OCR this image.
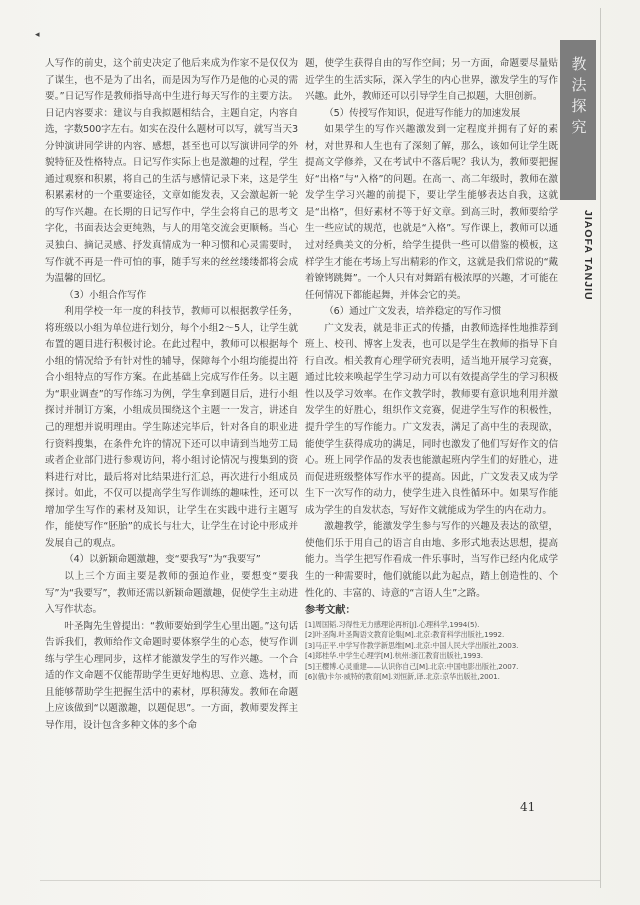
◂

人写作的前史，这个前史决定了他后来成为作家不是仅仅为了谋生，也不是为了出名，而是因为写作乃是他的心灵的需要。”日记写作是教师指导高中生进行每天写作的主要方法。日记内容要求：建议与自我拟题相结合，主题自定，内容自选，字数500字左右。如实在没什么题材可以写，就写当天3分钟演讲同学讲的内容、感想，甚至也可以写演讲同学的外貌特征及性格特点。日记写作实际上也是激趣的过程，学生通过观察和积累，将自己的生活与感情记录下来，这是学生积累素材的一个重要途径，文章如能发表，又会激起新一轮的写作兴趣。在长期的日记写作中，学生会将自己的思考文字化，书面表达会更纯熟，与人的用笔交流会更顺畅。当心灵独白、摘记灵感、抒发真情成为一种习惯和心灵需要时，写作就不再是一件可怕的事，随手写来的丝丝缕缕都将会成为温馨的回忆。

（3）小组合作写作

利用学校一年一度的科技节，教师可以根据教学任务，将班级以小组为单位进行划分，每个小组2～5人，让学生就布置的题目进行积极讨论。在此过程中，教师可以根据每个小组的情况给予有针对性的辅导，保障每个小组均能提出符合小组特点的写作方案。在此基础上完成写作任务。以主题为“职业调查”的写作练习为例，学生拿到题目后，进行小组探讨并制订方案，小组成员围绕这个主题一一发言，讲述自己的理想并说明理由。学生陈述完毕后，针对各自的职业进行资料搜集，在条件允许的情况下还可以申请到当地劳工局或者企业部门进行参观访问，将小组讨论情况与搜集到的资料进行对比，最后将对比结果进行汇总，再次进行小组成员探讨。如此，不仅可以提高学生写作训练的趣味性，还可以增加学生写作的素材及知识，让学生在实践中进行主题写作，能使写作“胚胎”的成长与壮大，让学生在讨论中形成并发展自己的观点。

（4）以新颖命题激趣，变“要我写”为“我要写”

以上三个方面主要是教师的强迫作业，要想变“要我写”为“我要写”，教师还需以新颖命题激趣，促使学生主动进入写作状态。

叶圣陶先生曾提出：“教师要始到学生心里出题。”这句话告诉我们，教师给作文命题时要体察学生的心态，使写作训练与学生心理同步，这样才能激发学生的写作兴趣。一个合适的作文命题不仅能帮助学生更好地构思、立意、选材，而且能够帮助学生把握生活中的素材，厚积薄发。教师在命题上应该做到“以题激趣，以题促思”。一方面，教师要发挥主导作用，设计包含多种文体的多个命

题，使学生获得自由的写作空间；另一方面，命题要尽量贴近学生的生活实际，深入学生的内心世界，激发学生的写作兴趣。此外，教师还可以引导学生自己拟题，大胆创新。

（5）传授写作知识，促进写作能力的加速发展

如果学生的写作兴趣激发到一定程度并拥有了好的素材，对世界和人生也有了深刻了解，那么，该如何让学生既提高文学修养，又在考试中不落后呢？我认为，教师要把握好“出格”与“入格”的问题。在高一、高二年级时，教师在激发学生学习兴趣的前提下，要让学生能够表达自我，这就是“出格”，但好素材不等于好文章。到高三时，教师要给学生一些应试的规范，也就是“入格”。写作课上，教师可以通过对经典美文的分析，给学生提供一些可以借鉴的模板，这样学生才能在考场上写出精彩的作文，这就是我们常说的“戴着镣铐跳舞”。一个人只有对舞蹈有极浓厚的兴趣，才可能在任何情况下都能起舞，并体会它的美。

（6）通过广文发表，培养稳定的写作习惯

广文发表，就是非正式的传播，由教师选择性地推荐到班上、校刊、博客上发表，也可以是学生在教师的指导下自行自改。相关教育心理学研究表明，适当地开展学习竞赛，通过比较来唤起学生学习动力可以有效提高学生的学习积极性以及学习效率。在作文教学时，教师要有意识地利用并激发学生的好胜心，组织作文竞赛，促进学生写作的积极性，提升学生的写作能力。广文发表，满足了高中生的表现欲，能使学生获得成功的满足，同时也激发了他们写好作文的信心。班上同学作品的发表也能激起班内学生们的好胜心，进而促进班级整体写作水平的提高。因此，广文发表又成为学生下一次写作的动力，使学生进入良性循环中。如果写作能成为学生的自发状态，写好作文就能成为学生的内在动力。

激趣教学，能激发学生参与写作的兴趣及表达的欲望，使他们乐于用自己的语言自由地、多形式地表达思想，提高能力。当学生把写作看成一件乐事时，当写作已经内化成学生的一种需要时，他们就能以此为起点，踏上创造性的、个性化的、丰富的、诗意的“言语人生”之路。

参考文献：

[1]周国韬.习得性无力感理论再析[J].心理科学,1994(5).

[2]叶圣陶.叶圣陶语文教育论集[M].北京:教育科学出版社,1992.

[3]马正平.中学写作教学新思维[M].北京:中国人民大学出版社,2003.

[4]郑桂华.中学生心理学[M].杭州:浙江教育出版社,1993.

[5]王樱博.心灵重建——认识你自己[M].北京:中国电影出版社,2007.

[6](俄)卡尔·威特的教育[M].刘恒新,译.北京:京华出版社,2001.

教法探究
JIAOFA TANJIU
41
